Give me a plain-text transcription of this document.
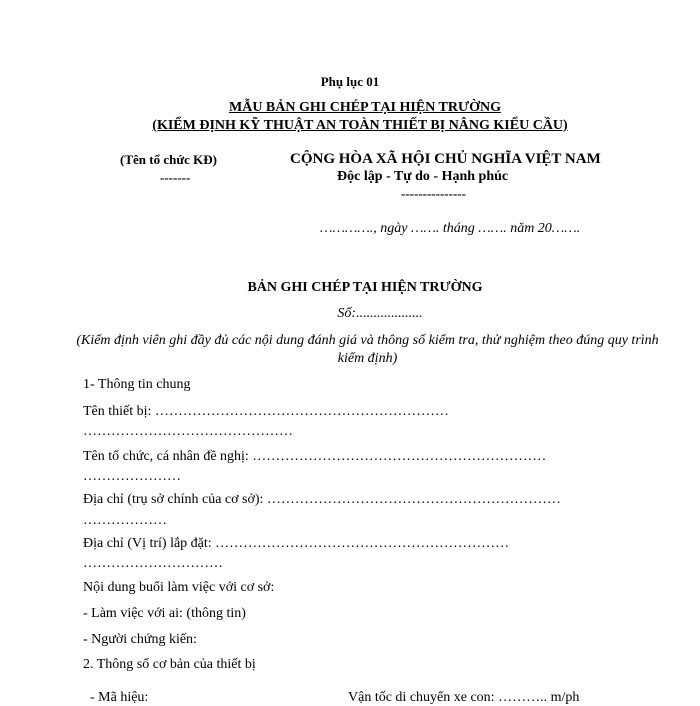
Phụ lục 01
MẪU BẢN GHI CHÉP TẠI HIỆN TRƯỜNG
(KIỂM ĐỊNH KỸ THUẬT AN TOÀN THIẾT BỊ NÂNG KIỂU CẦU)
(Tên tổ chức KĐ)
-------
CỘNG HÒA XÃ HỘI CHỦ NGHĨA VIỆT NAM
Độc lập - Tự do - Hạnh phúc
---------------
…………., ngày ……. tháng ……. năm 20…….
BẢN GHI CHÉP TẠI HIỆN TRƯỜNG
Số:...................
(Kiểm định viên ghi đầy đủ các nội dung đánh giá và thông số kiểm tra, thử nghiệm theo đúng quy trình kiểm định)
1- Thông tin chung
Tên thiết bị: ………………………………………………………
………………………………………
Tên tổ chức, cá nhân đề nghị: ………………………………………………………
…………………
Địa chỉ (trụ sở chính của cơ sở): ………………………………………………………
………………
Địa chỉ (Vị trí) lắp đặt: ………………………………………………………
…………………………
Nội dung buổi làm việc với cơ sở:
- Làm việc với ai: (thông tin)
- Người chứng kiến:
2. Thông số cơ bản của thiết bị
- Mã hiệu:	Vận tốc di chuyển xe con: ……….. m/ph
